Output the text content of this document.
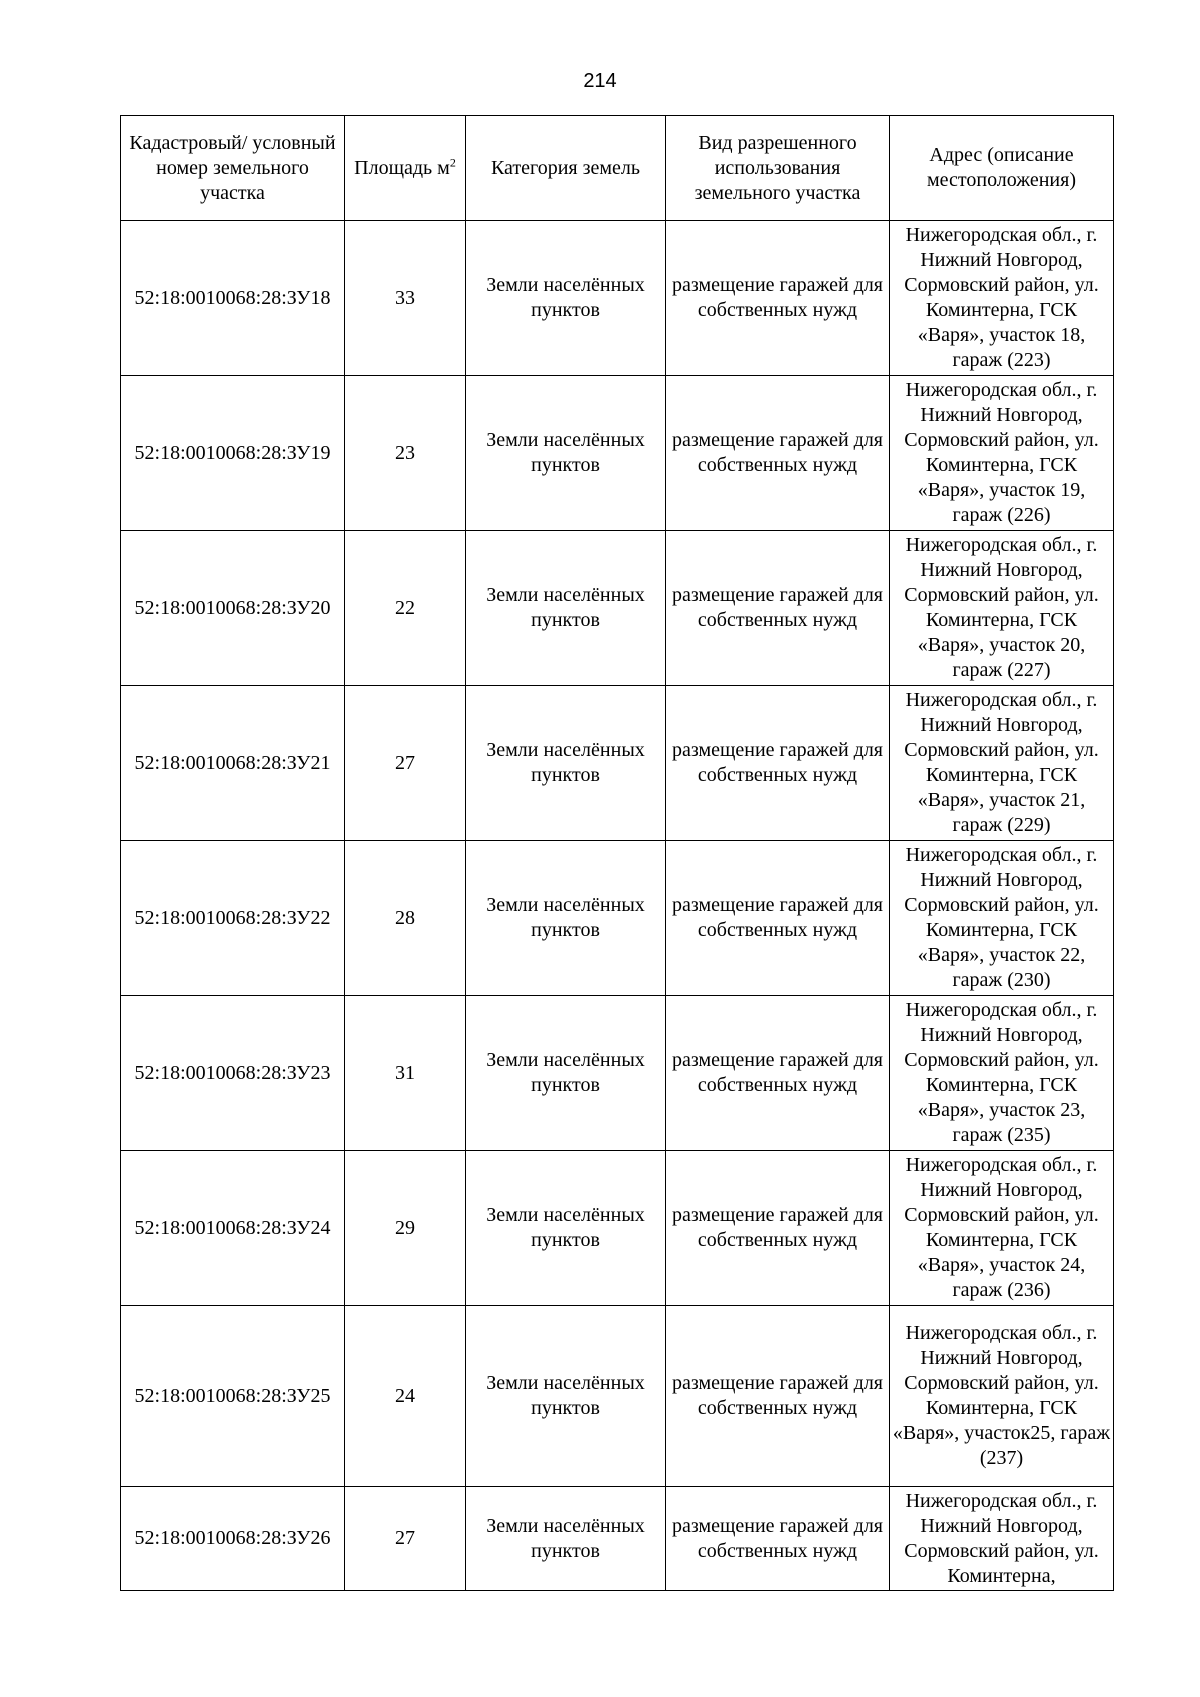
214
Кадастровый/ условный номер земельного участка	Площадь $м^2$	Категория земель	Вид разрешенного использования земельного участка	Адрес (описание местоположения)
52:18:0010068:28:ЗУ18	33	Земли населённых пунктов	размещение гаражей для собственных нужд	Нижегородская обл., г. Нижний Новгород, Сормовский район, ул. Коминтерна, ГСК «Варя», участок 18, гараж (223)
52:18:0010068:28:ЗУ19	23	Земли населённых пунктов	размещение гаражей для собственных нужд	Нижегородская обл., г. Нижний Новгород, Сормовский район, ул. Коминтерна, ГСК «Варя», участок 19, гараж (226)
52:18:0010068:28:ЗУ20	22	Земли населённых пунктов	размещение гаражей для собственных нужд	Нижегородская обл., г. Нижний Новгород, Сормовский район, ул. Коминтерна, ГСК «Варя», участок 20, гараж (227)
52:18:0010068:28:ЗУ21	27	Земли населённых пунктов	размещение гаражей для собственных нужд	Нижегородская обл., г. Нижний Новгород, Сормовский район, ул. Коминтерна, ГСК «Варя», участок 21, гараж (229)
52:18:0010068:28:ЗУ22	28	Земли населённых пунктов	размещение гаражей для собственных нужд	Нижегородская обл., г. Нижний Новгород, Сормовский район, ул. Коминтерна, ГСК «Варя», участок 22, гараж (230)
52:18:0010068:28:ЗУ23	31	Земли населённых пунктов	размещение гаражей для собственных нужд	Нижегородская обл., г. Нижний Новгород, Сормовский район, ул. Коминтерна, ГСК «Варя», участок 23, гараж (235)
52:18:0010068:28:ЗУ24	29	Земли населённых пунктов	размещение гаражей для собственных нужд	Нижегородская обл., г. Нижний Новгород, Сормовский район, ул. Коминтерна, ГСК «Варя», участок 24, гараж (236)
52:18:0010068:28:ЗУ25	24	Земли населённых пунктов	размещение гаражей для собственных нужд	Нижегородская обл., г. Нижний Новгород, Сормовский район, ул. Коминтерна, ГСК «Варя», участок25, гараж (237)
52:18:0010068:28:ЗУ26	27	Земли населённых пунктов	размещение гаражей для собственных нужд	Нижегородская обл., г. Нижний Новгород, Сормовский район, ул. Коминтерна,
